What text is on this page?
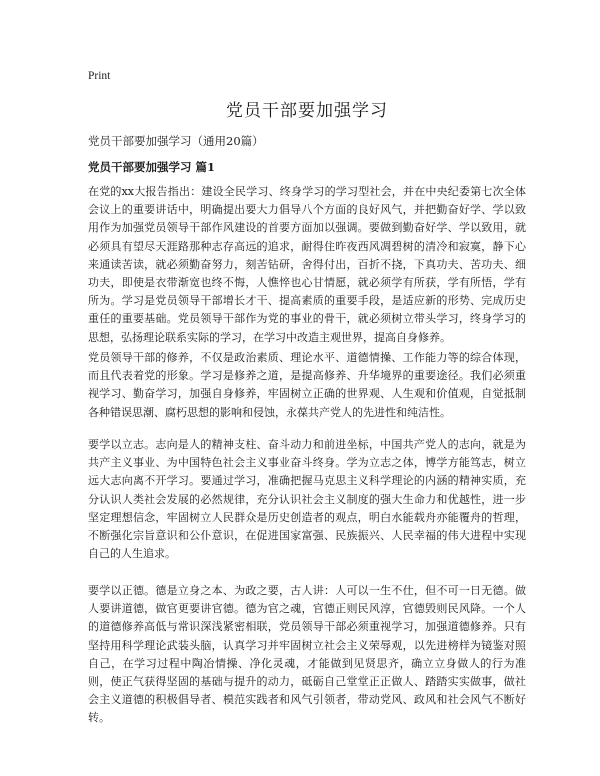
Print
党员干部要加强学习

党员干部要加强学习（通用20篇）

党员干部要加强学习 篇1

在党的xx大报告指出：建设全民学习、终身学习的学习型社会，并在中央纪委第七次全体会议上的重要讲话中，明确提出要大力倡导八个方面的良好风气，并把勤奋好学、学以致用作为加强党员领导干部作风建设的首要方面加以强调。要做到勤奋好学、学以致用，就必须具有望尽天涯路那种志存高远的追求，耐得住昨夜西风凋碧树的清冷和寂寞，静下心来通读苦读，就必须勤奋努力，刻苦钻研，舍得付出，百折不挠，下真功夫、苦功夫、细功夫，即使是衣带渐宽也终不悔，人憔悴也心甘情愿，就必须学有所获，学有所悟，学有所为。学习是党员领导干部增长才干、提高素质的重要手段，是适应新的形势、完成历史重任的重要基础。党员领导干部作为党的事业的骨干，就必须树立带头学习，终身学习的思想，弘扬理论联系实际的学习，在学习中改造主观世界，提高自身修养。

党员领导干部的修养，不仅是政治素质、理论水平、道德情操、工作能力等的综合体现，而且代表着党的形象。学习是修养之道，是提高修养、升华境界的重要途径。我们必须重视学习、勤奋学习，加强自身修养，牢固树立正确的世界观、人生观和价值观，自觉抵制各种错误思潮、腐朽思想的影响和侵蚀，永葆共产党人的先进性和纯洁性。

要学以立志。志向是人的精神支柱、奋斗动力和前进坐标，中国共产党人的志向，就是为共产主义事业、为中国特色社会主义事业奋斗终身。学为立志之体，博学方能笃志，树立远大志向离不开学习。要通过学习，准确把握马克思主义科学理论的内涵的精神实质，充分认识人类社会发展的必然规律，充分认识社会主义制度的强大生命力和优越性，进一步坚定理想信念，牢固树立人民群众是历史创造者的观点，明白水能载舟亦能覆舟的哲理，不断强化宗旨意识和公仆意识，在促进国家富强、民族振兴、人民幸福的伟大进程中实现自己的人生追求。

要学以正德。德是立身之本、为政之要，古人讲：人可以一生不仕，但不可一日无德。做人要讲道德，做官更要讲官德。德为官之魂，官德正则民风淳，官德毁则民风降。一个人的道德修养高低与常识深浅紧密相联，党员领导干部必须重视学习，加强道德修养。只有坚持用科学理论武装头脑，认真学习并牢固树立社会主义荣辱观，以先进榜样为镜鉴对照自己，在学习过程中陶冶情操、净化灵魂，才能做到见贤思齐，确立立身做人的行为准则，使正气获得坚固的基础与提升的动力，砥砺自己堂堂正正做人、踏踏实实做事，做社会主义道德的积极倡导者、模范实践者和风气引领者，带动党风、政风和社会风气不断好转。
